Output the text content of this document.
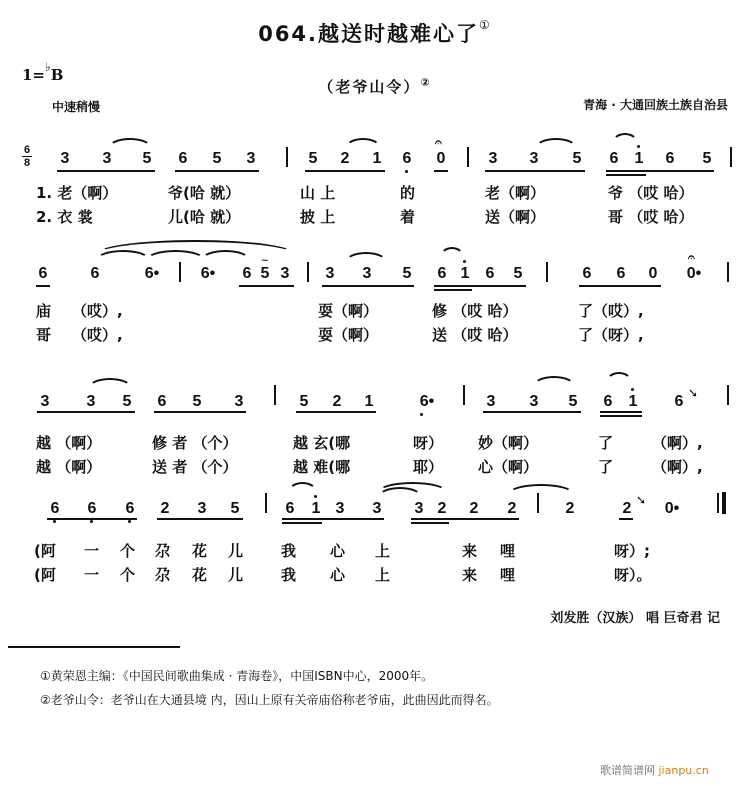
064.越送时越难心了①
1=♭B
（老爷山令）②
中速稍慢	青海 · 大通回族土族自治县
6
8 3 3 5 6 5 3	5 2 1 6
𝄐
0	3 3 5 6 1 6 5
1. 老（啊）	爷(哈 就）	山 上	的	老（啊）	爷 （哎 哈）
2. 衣 裳	儿(哈 就）	披 上	着	送（啊）	哥 （哎 哈）
6	6	6•	6• 6 5
~
3 3 3 5 6 1 6 5	6 6 0
𝄐
0•
庙 （哎）,	耍（啊）	修 （哎 哈）	了（哎）,
哥 （哎）,	耍（啊）	送 （哎 哈）	了（呀）,
3 3 5 6 5 3	5 2 1	6•	3 3 5 6 1 6 ➘
越 （啊）	修 者 （个）	越 玄(哪	呀） 妙（啊）	了	（啊）,
越 （啊）	送 者 （个）	越 难(哪	耶） 心（啊）	了	（啊）,
6 6 6 2 3 5	6 1 3 3 3 2 2 2	2	2 ➘ 0•
(阿 一 个 尕 花 儿	我 心 上	来 哩	呀）;
(阿 一 个 尕 花 儿	我 心 上	来 哩	呀）。
刘发胜（汉族） 唱 巨奇君 记
①黄荣恩主编：《中国民间歌曲集成 · 青海卷》，中国ISBN中心，2000年。
②老爷山令：老爷山在大通县境 内，因山上原有关帝庙俗称老爷庙，此曲因此而得名。
歌谱简谱网 jianpu.cn
